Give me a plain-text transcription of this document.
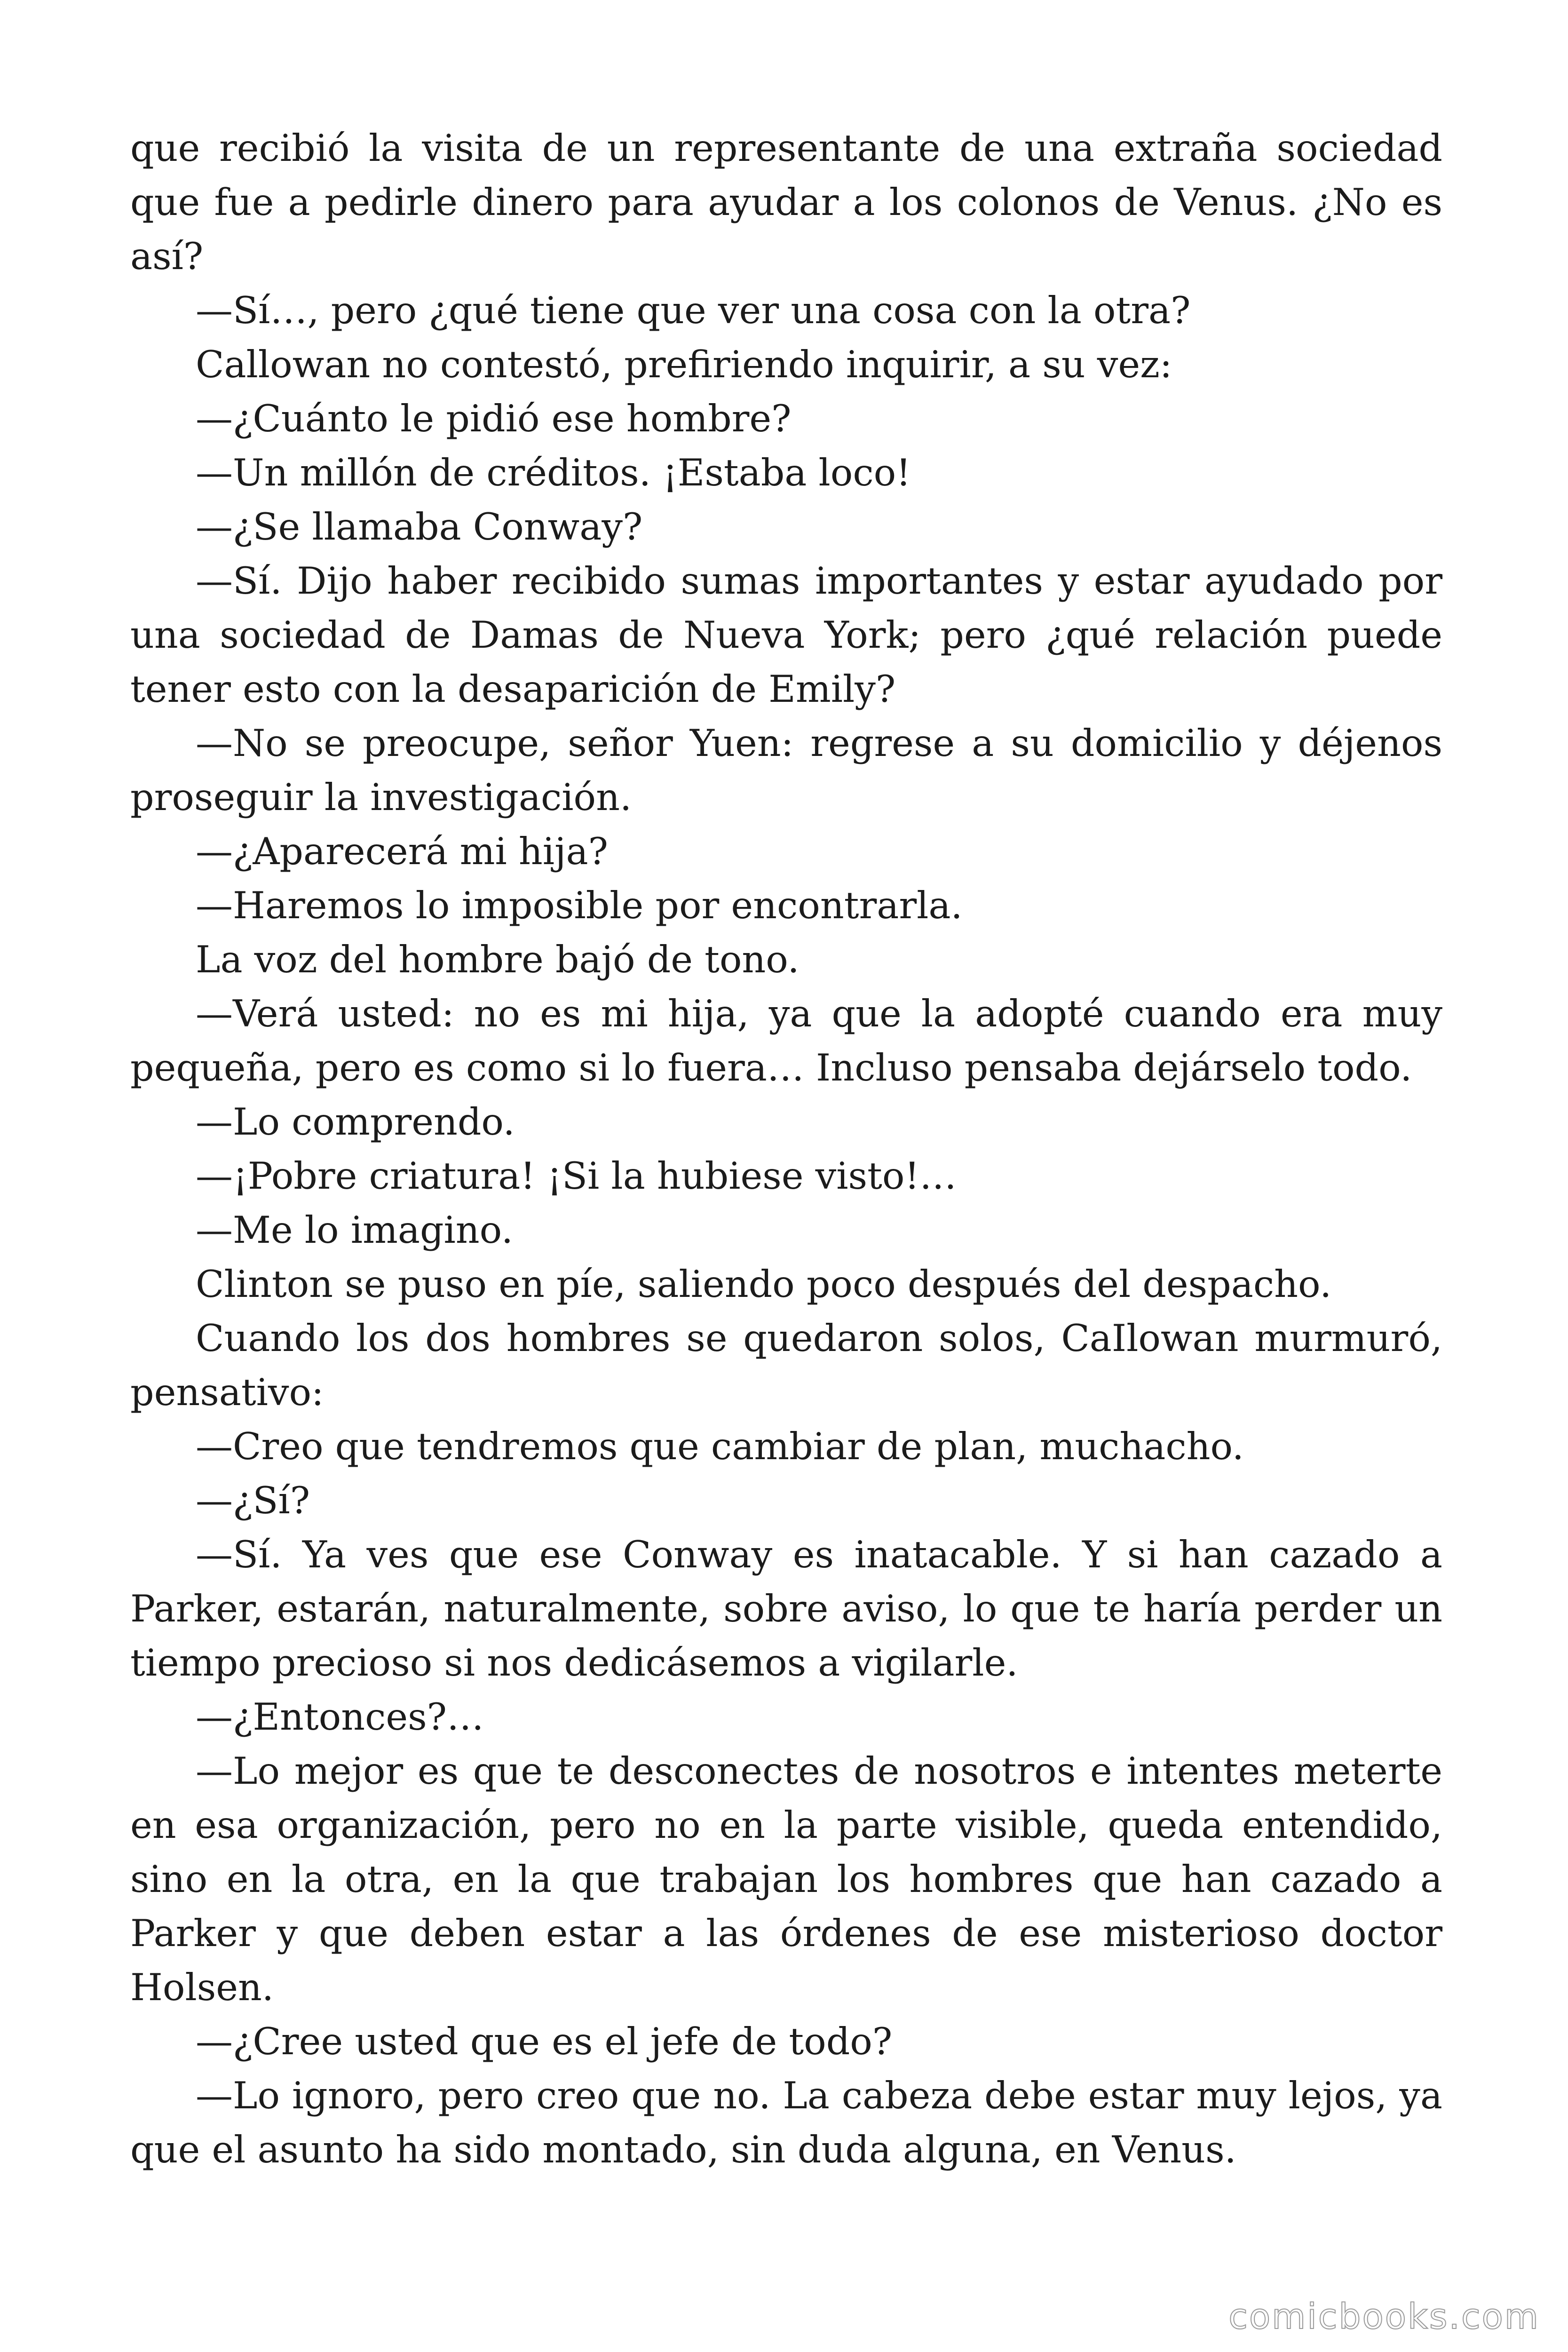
que recibió la visita de un representante de una extraña sociedad que fue a pedirle dinero para ayudar a los colonos de Venus. ¿No es así?

—Sí…, pero ¿qué tiene que ver una cosa con la otra?

Callowan no contestó, prefiriendo inquirir, a su vez:

—¿Cuánto le pidió ese hombre?

—Un millón de créditos. ¡Estaba loco!

—¿Se llamaba Conway?

—Sí. Dijo haber recibido sumas importantes y estar ayudado por una sociedad de Damas de Nueva York; pero ¿qué relación puede tener esto con la desaparición de Emily?

—No se preocupe, señor Yuen: regrese a su domicilio y déjenos proseguir la investigación.

—¿Aparecerá mi hija?

—Haremos lo imposible por encontrarla.

La voz del hombre bajó de tono.

—Verá usted: no es mi hija, ya que la adopté cuando era muy pequeña, pero es como si lo fuera… Incluso pensaba dejárselo todo.

—Lo comprendo.

—¡Pobre criatura! ¡Si la hubiese visto!…

—Me lo imagino.

Clinton se puso en píe, saliendo poco después del despacho.

Cuando los dos hombres se quedaron solos, CaIlowan murmuró, pensativo:

—Creo que tendremos que cambiar de plan, muchacho.

—¿Sí?

—Sí. Ya ves que ese Conway es inatacable. Y si han cazado a Parker, estarán, naturalmente, sobre aviso, lo que te haría perder un tiempo precioso si nos dedicásemos a vigilarle.

—¿Entonces?…

—Lo mejor es que te desconectes de nosotros e intentes meterte en esa organización, pero no en la parte visible, queda entendido, sino en la otra, en la que trabajan los hombres que han cazado a Parker y que deben estar a las órdenes de ese misterioso doctor Holsen.

—¿Cree usted que es el jefe de todo?

—Lo ignoro, pero creo que no. La cabeza debe estar muy lejos, ya que el asunto ha sido montado, sin duda alguna, en Venus.

comicbooks.com
